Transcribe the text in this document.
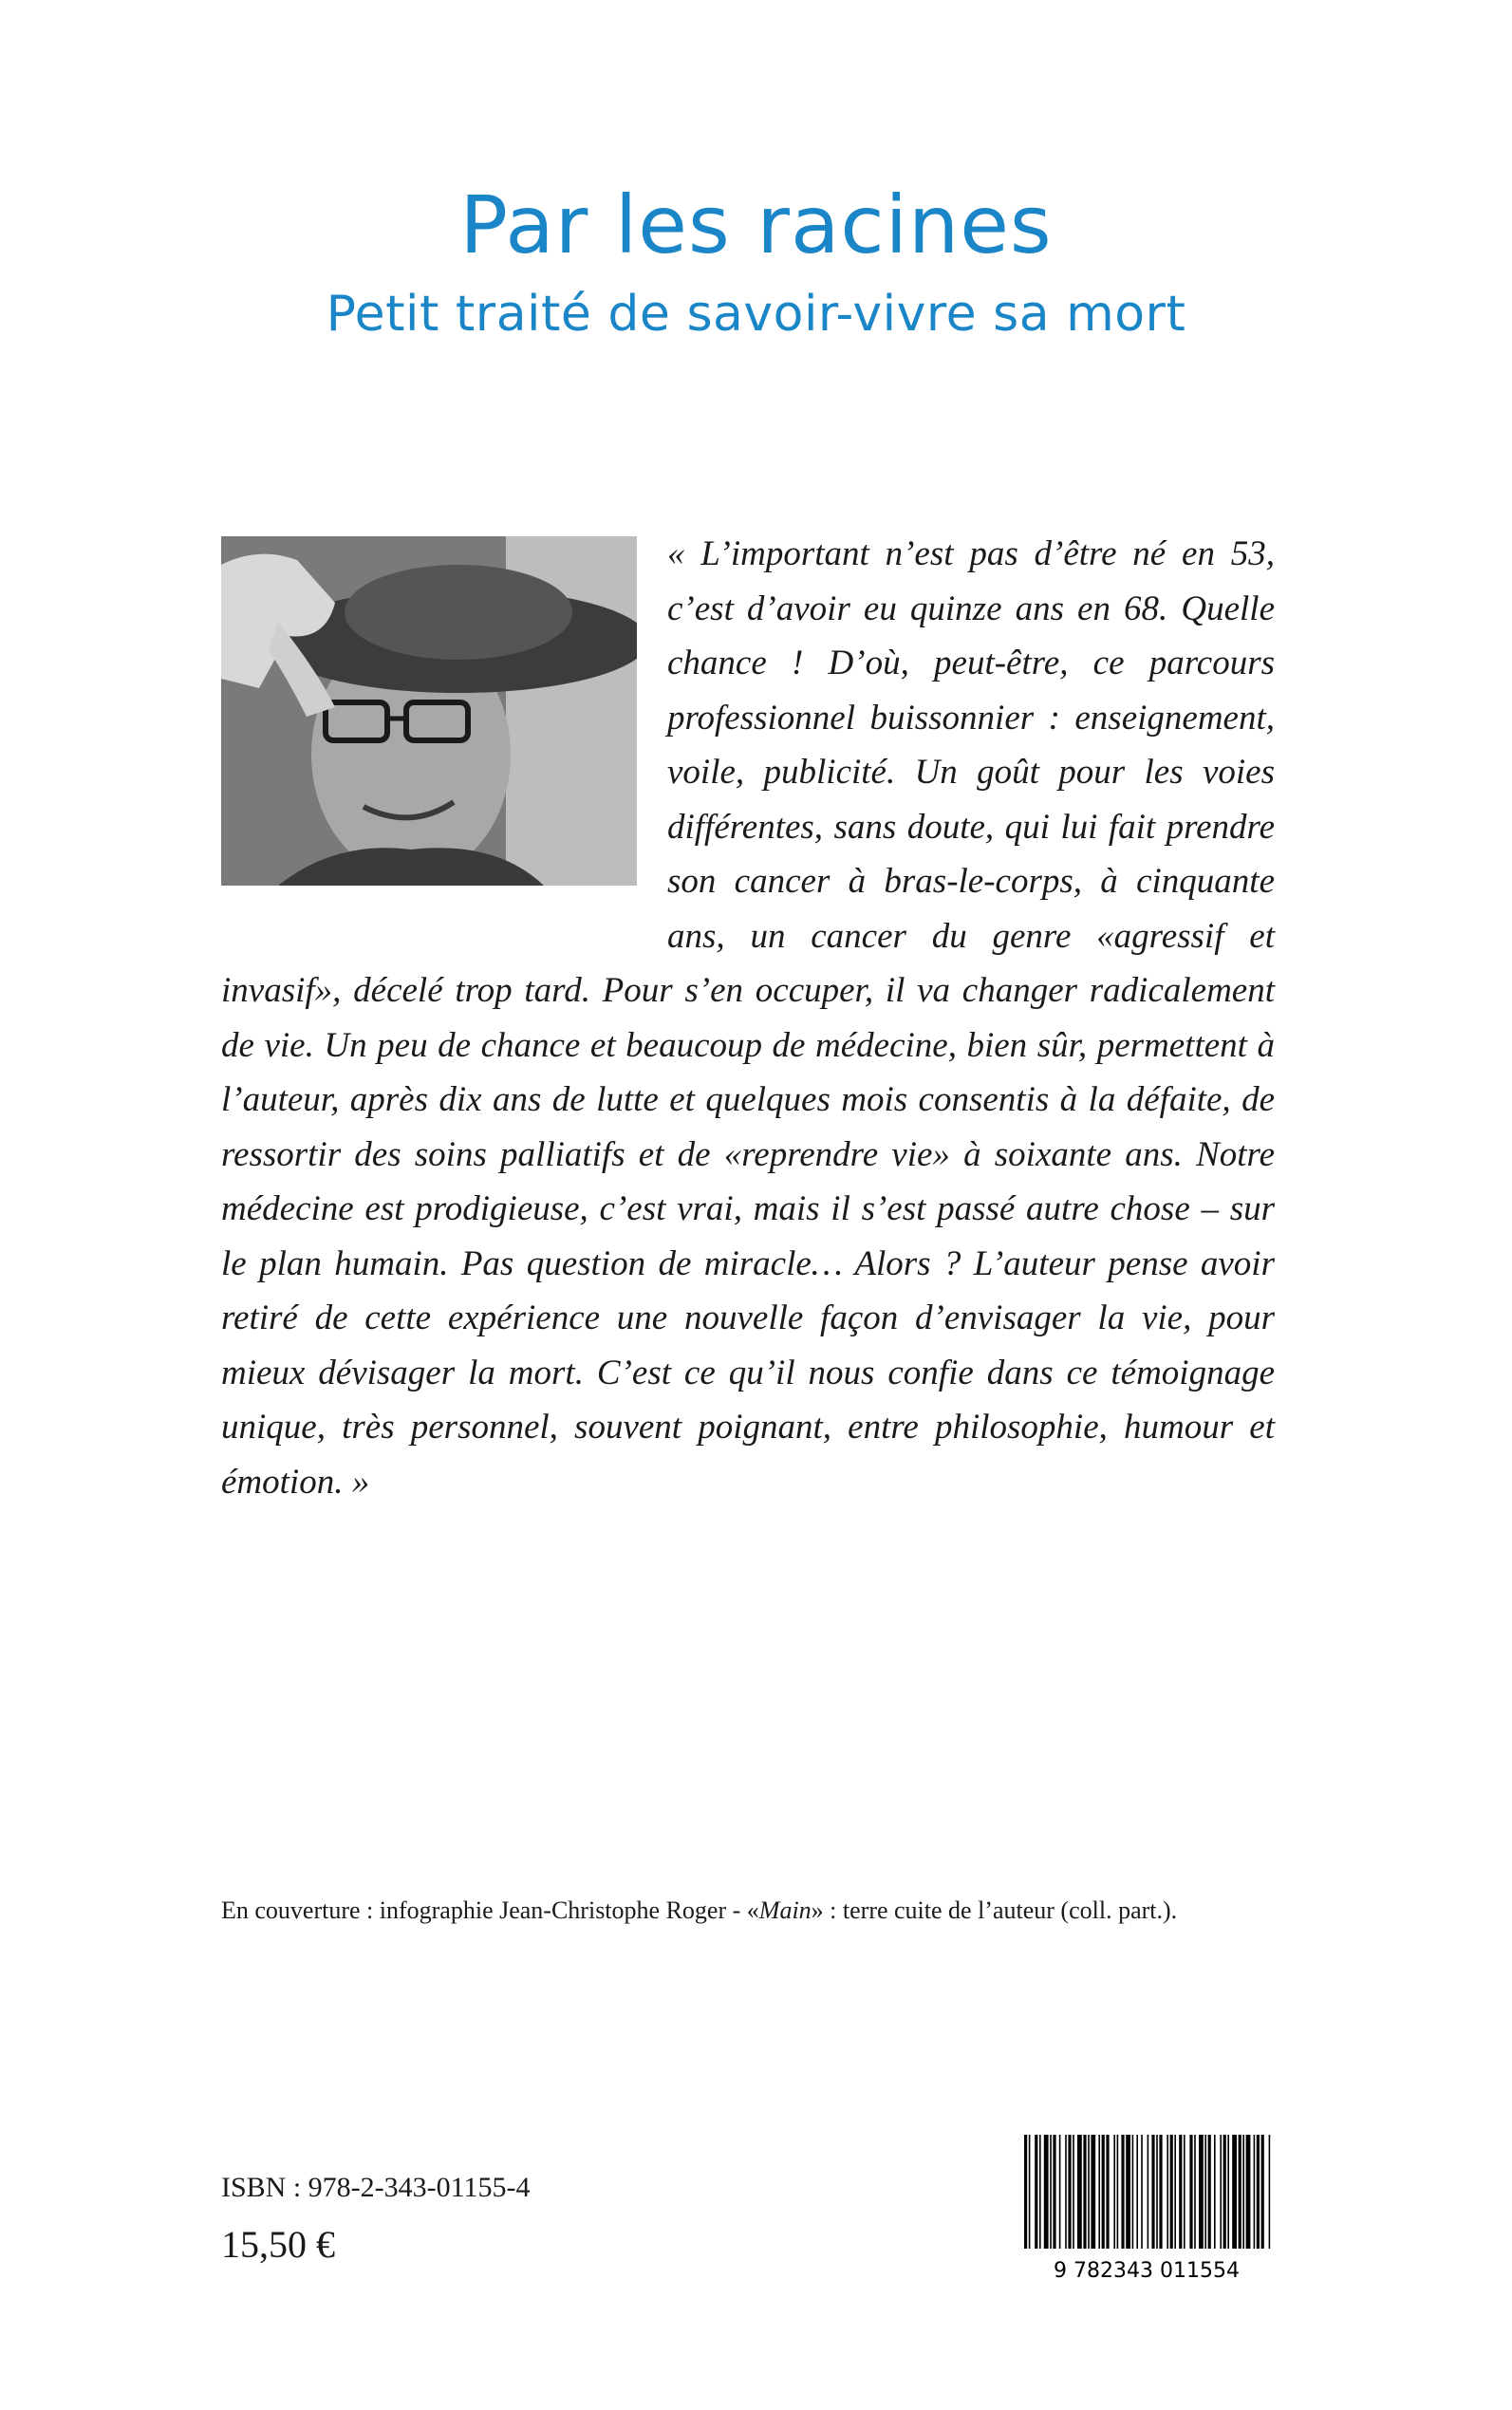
Par les racines
Petit traité de savoir-vivre sa mort
« L’important n’est pas d’être né en 53, c’est d’avoir eu quinze ans en 68. Quelle chance ! D’où, peut-être, ce parcours professionnel buissonnier : enseignement, voile, publicité. Un goût pour les voies différentes, sans doute, qui lui fait prendre son cancer à bras-le-corps, à cinquante ans, un cancer du genre «agressif et invasif», décelé trop tard. Pour s’en occuper, il va changer radicalement de vie. Un peu de chance et beaucoup de médecine, bien sûr, permettent à l’auteur, après dix ans de lutte et quelques mois consentis à la défaite, de ressortir des soins palliatifs et de «reprendre vie» à soixante ans. Notre médecine est prodigieuse, c’est vrai, mais il s’est passé autre chose – sur le plan humain. Pas question de miracle… Alors ? L’auteur pense avoir retiré de cette expérience une nouvelle façon d’envisager la vie, pour mieux dévisager la mort. C’est ce qu’il nous confie dans ce témoignage unique, très personnel, souvent poignant, entre philosophie, humour et émotion. »
En couverture : infographie Jean-Christophe Roger - «Main» : terre cuite de l’auteur (coll. part.).
ISBN : 978-2-343-01155-4
15,50 €
9 782343 011554
